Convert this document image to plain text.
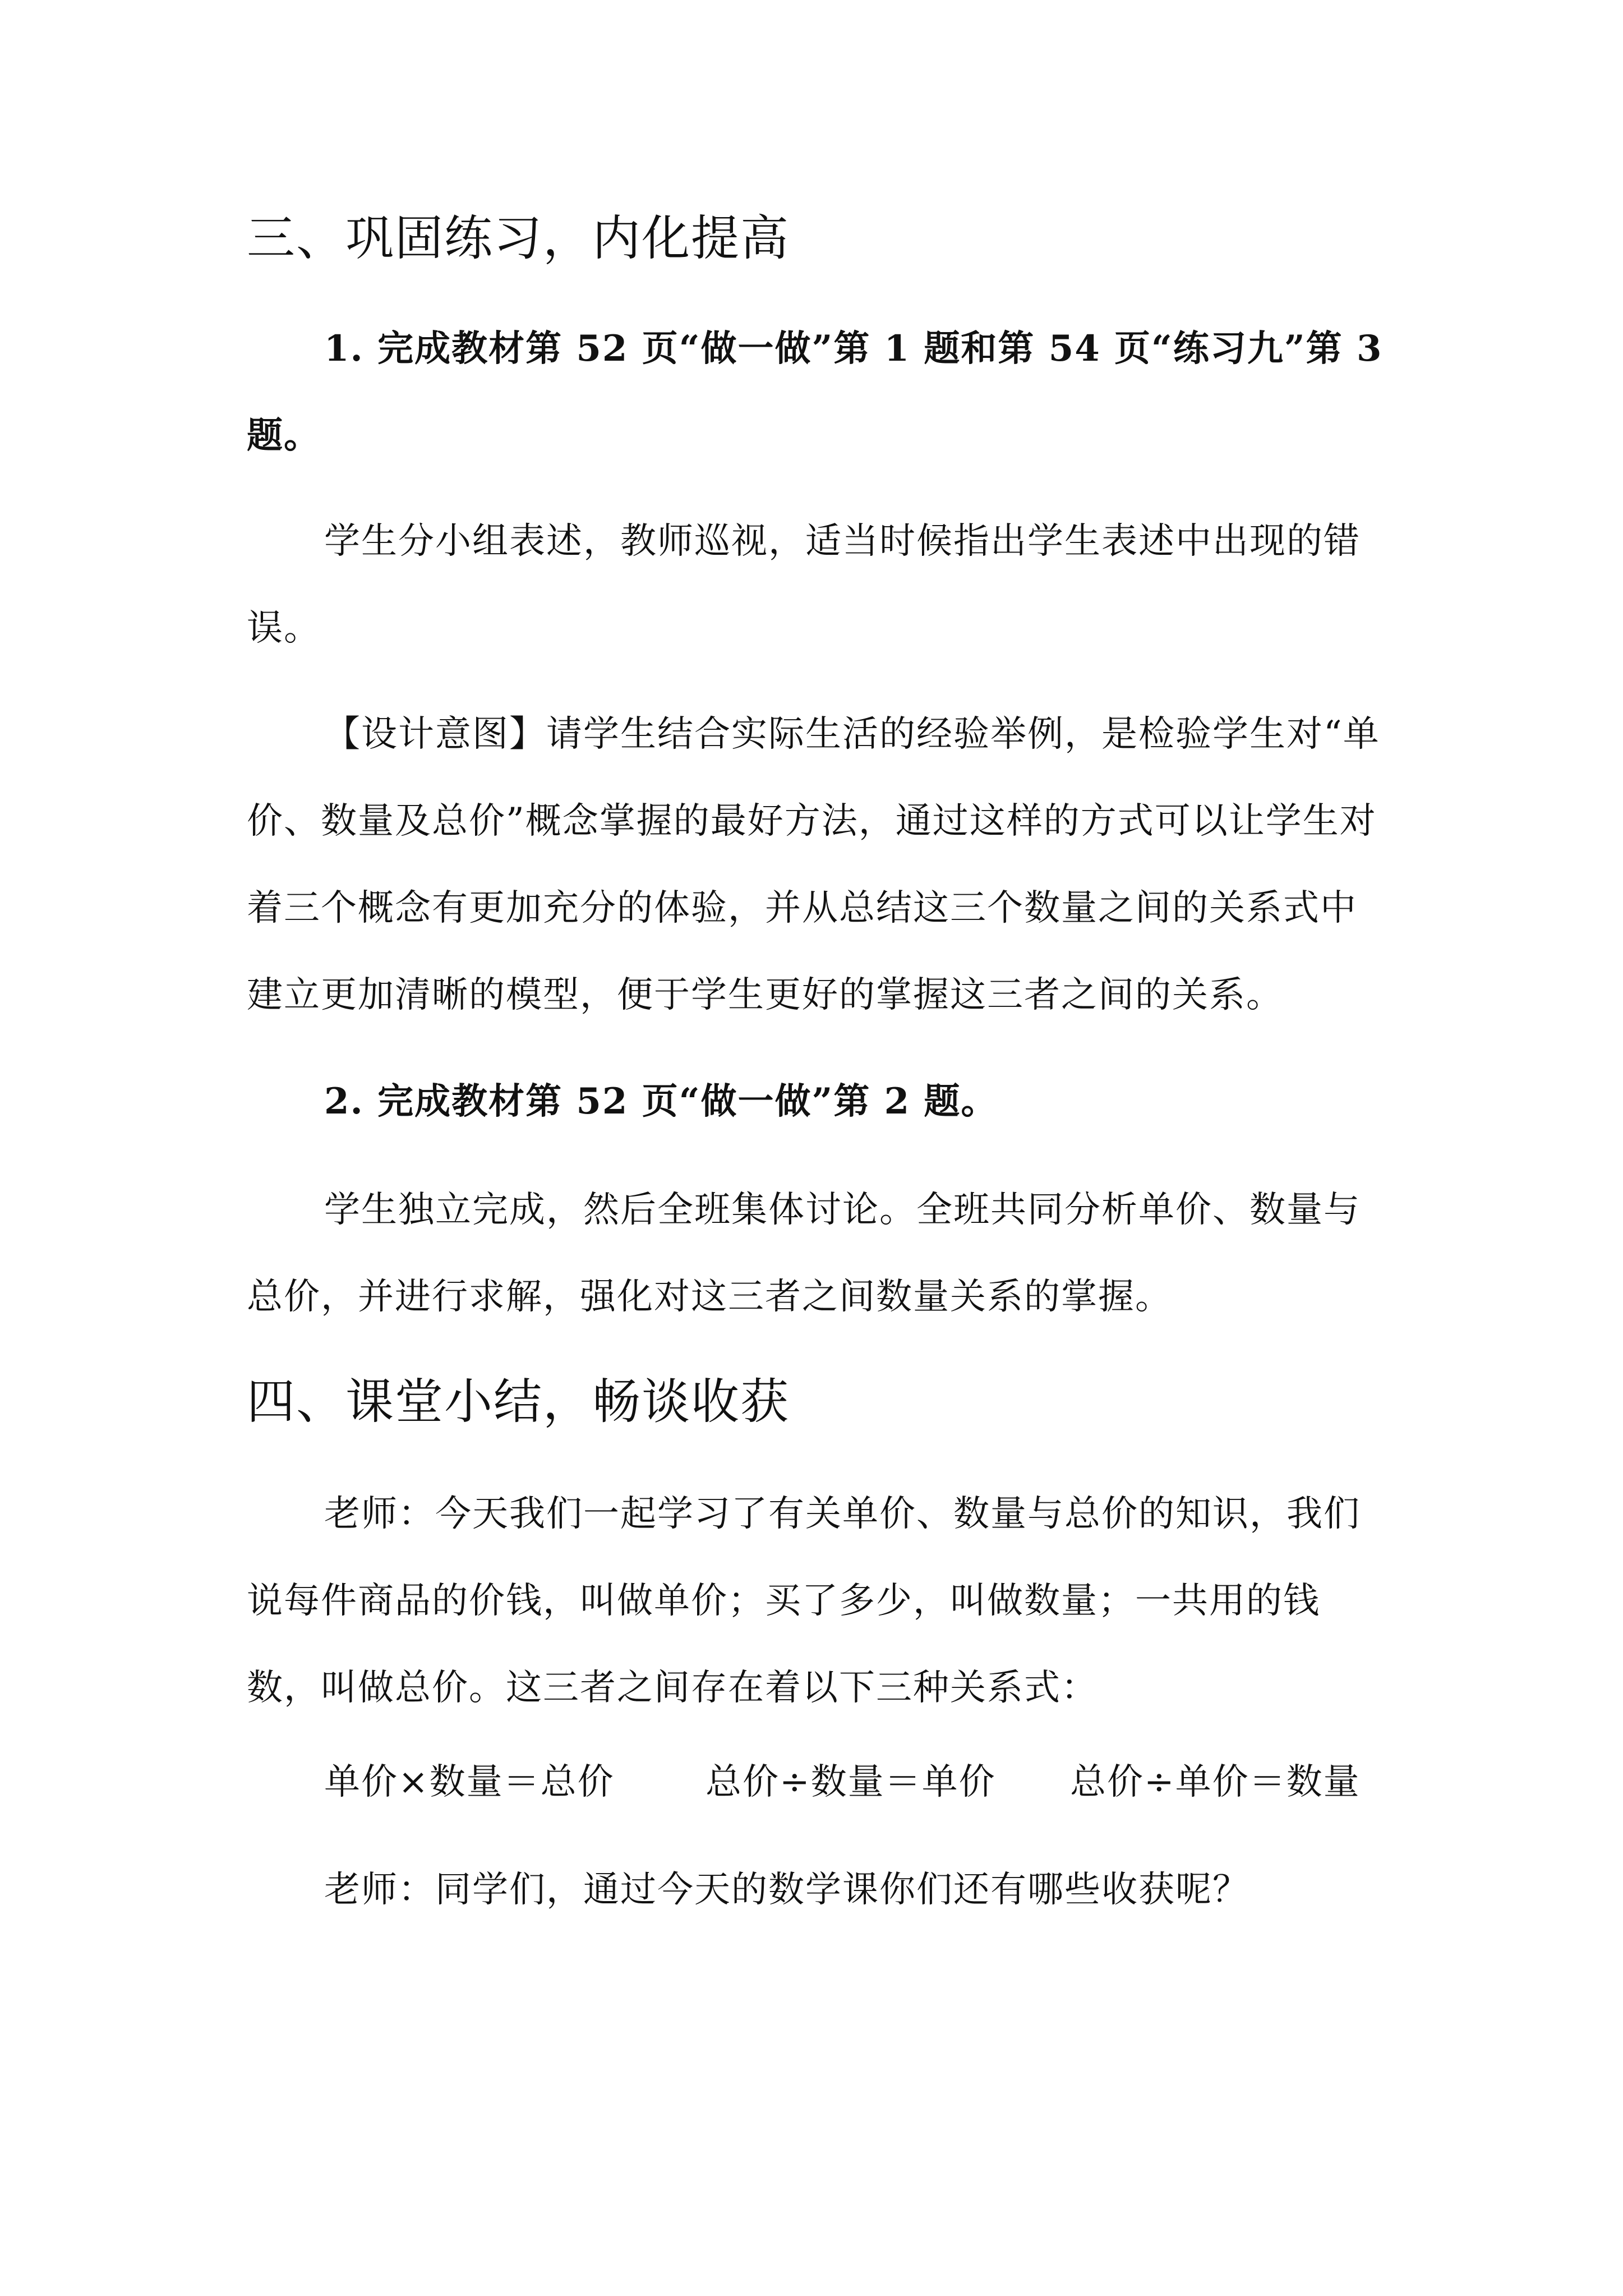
三、巩固练习，内化提高

1. 完成教材第 52 页“做一做”第 1 题和第 54 页“练习九”第 3 题。

学生分小组表述，教师巡视，适当时候指出学生表述中出现的错误。

【设计意图】请学生结合实际生活的经验举例，是检验学生对“单价、数量及总价”概念掌握的最好方法，通过这样的方式可以让学生对着三个概念有更加充分的体验，并从总结这三个数量之间的关系式中建立更加清晰的模型，便于学生更好的掌握这三者之间的关系。

2. 完成教材第 52 页“做一做”第 2 题。

学生独立完成，然后全班集体讨论。全班共同分析单价、数量与总价，并进行求解，强化对这三者之间数量关系的掌握。

四、课堂小结，畅谈收获

老师：今天我们一起学习了有关单价、数量与总价的知识，我们说每件商品的价钱，叫做单价；买了多少，叫做数量；一共用的钱数，叫做总价。这三者之间存在着以下三种关系式：

单价×数量＝总价	总价÷数量＝单价 总价÷单价＝数量

老师：同学们，通过今天的数学课你们还有哪些收获呢？
